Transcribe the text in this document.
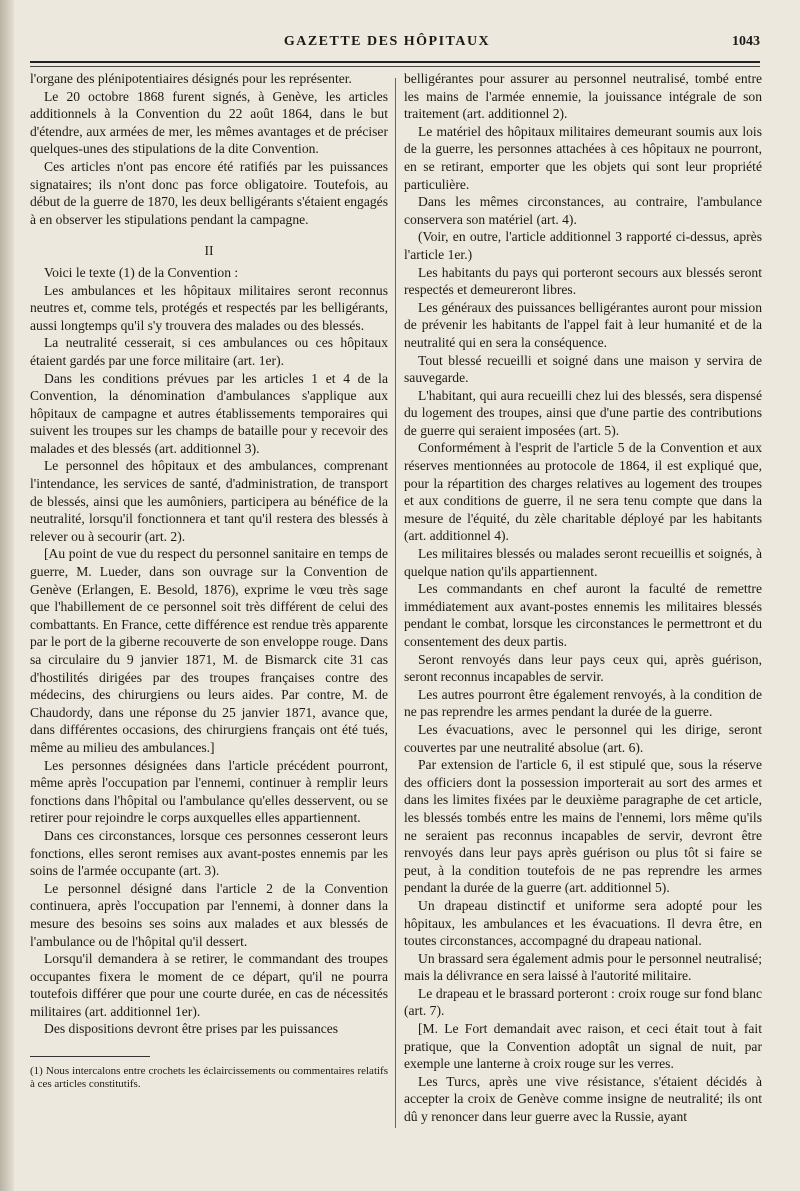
GAZETTE DES HÔPITAUX	1043

l'organe des plénipotentiaires désignés pour les représenter.

Le 20 octobre 1868 furent signés, à Genève, les articles additionnels à la Convention du 22 août 1864, dans le but d'étendre, aux armées de mer, les mêmes avantages et de préciser quelques-unes des stipulations de la dite Convention.

Ces articles n'ont pas encore été ratifiés par les puissances signataires; ils n'ont donc pas force obligatoire. Toutefois, au début de la guerre de 1870, les deux belligérants s'étaient engagés à en observer les stipulations pendant la campagne.

II

Voici le texte (1) de la Convention :

Les ambulances et les hôpitaux militaires seront reconnus neutres et, comme tels, protégés et respectés par les belligérants, aussi longtemps qu'il s'y trouvera des malades ou des blessés.

La neutralité cesserait, si ces ambulances ou ces hôpitaux étaient gardés par une force militaire (art. 1er).

Dans les conditions prévues par les articles 1 et 4 de la Convention, la dénomination d'ambulances s'applique aux hôpitaux de campagne et autres établissements temporaires qui suivent les troupes sur les champs de bataille pour y recevoir des malades et des blessés (art. additionnel 3).

Le personnel des hôpitaux et des ambulances, comprenant l'intendance, les services de santé, d'administration, de transport de blessés, ainsi que les aumôniers, participera au bénéfice de la neutralité, lorsqu'il fonctionnera et tant qu'il restera des blessés à relever ou à secourir (art. 2).

[Au point de vue du respect du personnel sanitaire en temps de guerre, M. Lueder, dans son ouvrage sur la Convention de Genève (Erlangen, E. Besold, 1876), exprime le vœu très sage que l'habillement de ce personnel soit très différent de celui des combattants. En France, cette différence est rendue très apparente par le port de la giberne recouverte de son enveloppe rouge. Dans sa circulaire du 9 janvier 1871, M. de Bismarck cite 31 cas d'hostilités dirigées par des troupes françaises contre des médecins, des chirurgiens ou leurs aides. Par contre, M. de Chaudordy, dans une réponse du 25 janvier 1871, avance que, dans différentes occasions, des chirurgiens français ont été tués, même au milieu des ambulances.]

Les personnes désignées dans l'article précédent pourront, même après l'occupation par l'ennemi, continuer à remplir leurs fonctions dans l'hôpital ou l'ambulance qu'elles desservent, ou se retirer pour rejoindre le corps auxquelles elles appartiennent.

Dans ces circonstances, lorsque ces personnes cesseront leurs fonctions, elles seront remises aux avant-postes ennemis par les soins de l'armée occupante (art. 3).

Le personnel désigné dans l'article 2 de la Convention continuera, après l'occupation par l'ennemi, à donner dans la mesure des besoins ses soins aux malades et aux blessés de l'ambulance ou de l'hôpital qu'il dessert.

Lorsqu'il demandera à se retirer, le commandant des troupes occupantes fixera le moment de ce départ, qu'il ne pourra toutefois différer que pour une courte durée, en cas de nécessités militaires (art. additionnel 1er).

Des dispositions devront être prises par les puissances

(1) Nous intercalons entre crochets les éclaircissements ou commentaires relatifs à ces articles constitutifs.

belligérantes pour assurer au personnel neutralisé, tombé entre les mains de l'armée ennemie, la jouissance intégrale de son traitement (art. additionnel 2).

Le matériel des hôpitaux militaires demeurant soumis aux lois de la guerre, les personnes attachées à ces hôpitaux ne pourront, en se retirant, emporter que les objets qui sont leur propriété particulière.

Dans les mêmes circonstances, au contraire, l'ambulance conservera son matériel (art. 4).

(Voir, en outre, l'article additionnel 3 rapporté ci-dessus, après l'article 1er.)

Les habitants du pays qui porteront secours aux blessés seront respectés et demeureront libres.

Les généraux des puissances belligérantes auront pour mission de prévenir les habitants de l'appel fait à leur humanité et de la neutralité qui en sera la conséquence.

Tout blessé recueilli et soigné dans une maison y servira de sauvegarde.

L'habitant, qui aura recueilli chez lui des blessés, sera dispensé du logement des troupes, ainsi que d'une partie des contributions de guerre qui seraient imposées (art. 5).

Conformément à l'esprit de l'article 5 de la Convention et aux réserves mentionnées au protocole de 1864, il est expliqué que, pour la répartition des charges relatives au logement des troupes et aux conditions de guerre, il ne sera tenu compte que dans la mesure de l'équité, du zèle charitable déployé par les habitants (art. additionnel 4).

Les militaires blessés ou malades seront recueillis et soignés, à quelque nation qu'ils appartiennent.

Les commandants en chef auront la faculté de remettre immédiatement aux avant-postes ennemis les militaires blessés pendant le combat, lorsque les circonstances le permettront et du consentement des deux partis.

Seront renvoyés dans leur pays ceux qui, après guérison, seront reconnus incapables de servir.

Les autres pourront être également renvoyés, à la condition de ne pas reprendre les armes pendant la durée de la guerre.

Les évacuations, avec le personnel qui les dirige, seront couvertes par une neutralité absolue (art. 6).

Par extension de l'article 6, il est stipulé que, sous la réserve des officiers dont la possession importerait au sort des armes et dans les limites fixées par le deuxième paragraphe de cet article, les blessés tombés entre les mains de l'ennemi, lors même qu'ils ne seraient pas reconnus incapables de servir, devront être renvoyés dans leur pays après guérison ou plus tôt si faire se peut, à la condition toutefois de ne pas reprendre les armes pendant la durée de la guerre (art. additionnel 5).

Un drapeau distinctif et uniforme sera adopté pour les hôpitaux, les ambulances et les évacuations. Il devra être, en toutes circonstances, accompagné du drapeau national.

Un brassard sera également admis pour le personnel neutralisé; mais la délivrance en sera laissé à l'autorité militaire.

Le drapeau et le brassard porteront : croix rouge sur fond blanc (art. 7).

[M. Le Fort demandait avec raison, et ceci était tout à fait pratique, que la Convention adoptât un signal de nuit, par exemple une lanterne à croix rouge sur les verres.

Les Turcs, après une vive résistance, s'étaient décidés à accepter la croix de Genève comme insigne de neutralité; ils ont dû y renoncer dans leur guerre avec la Russie, ayant
